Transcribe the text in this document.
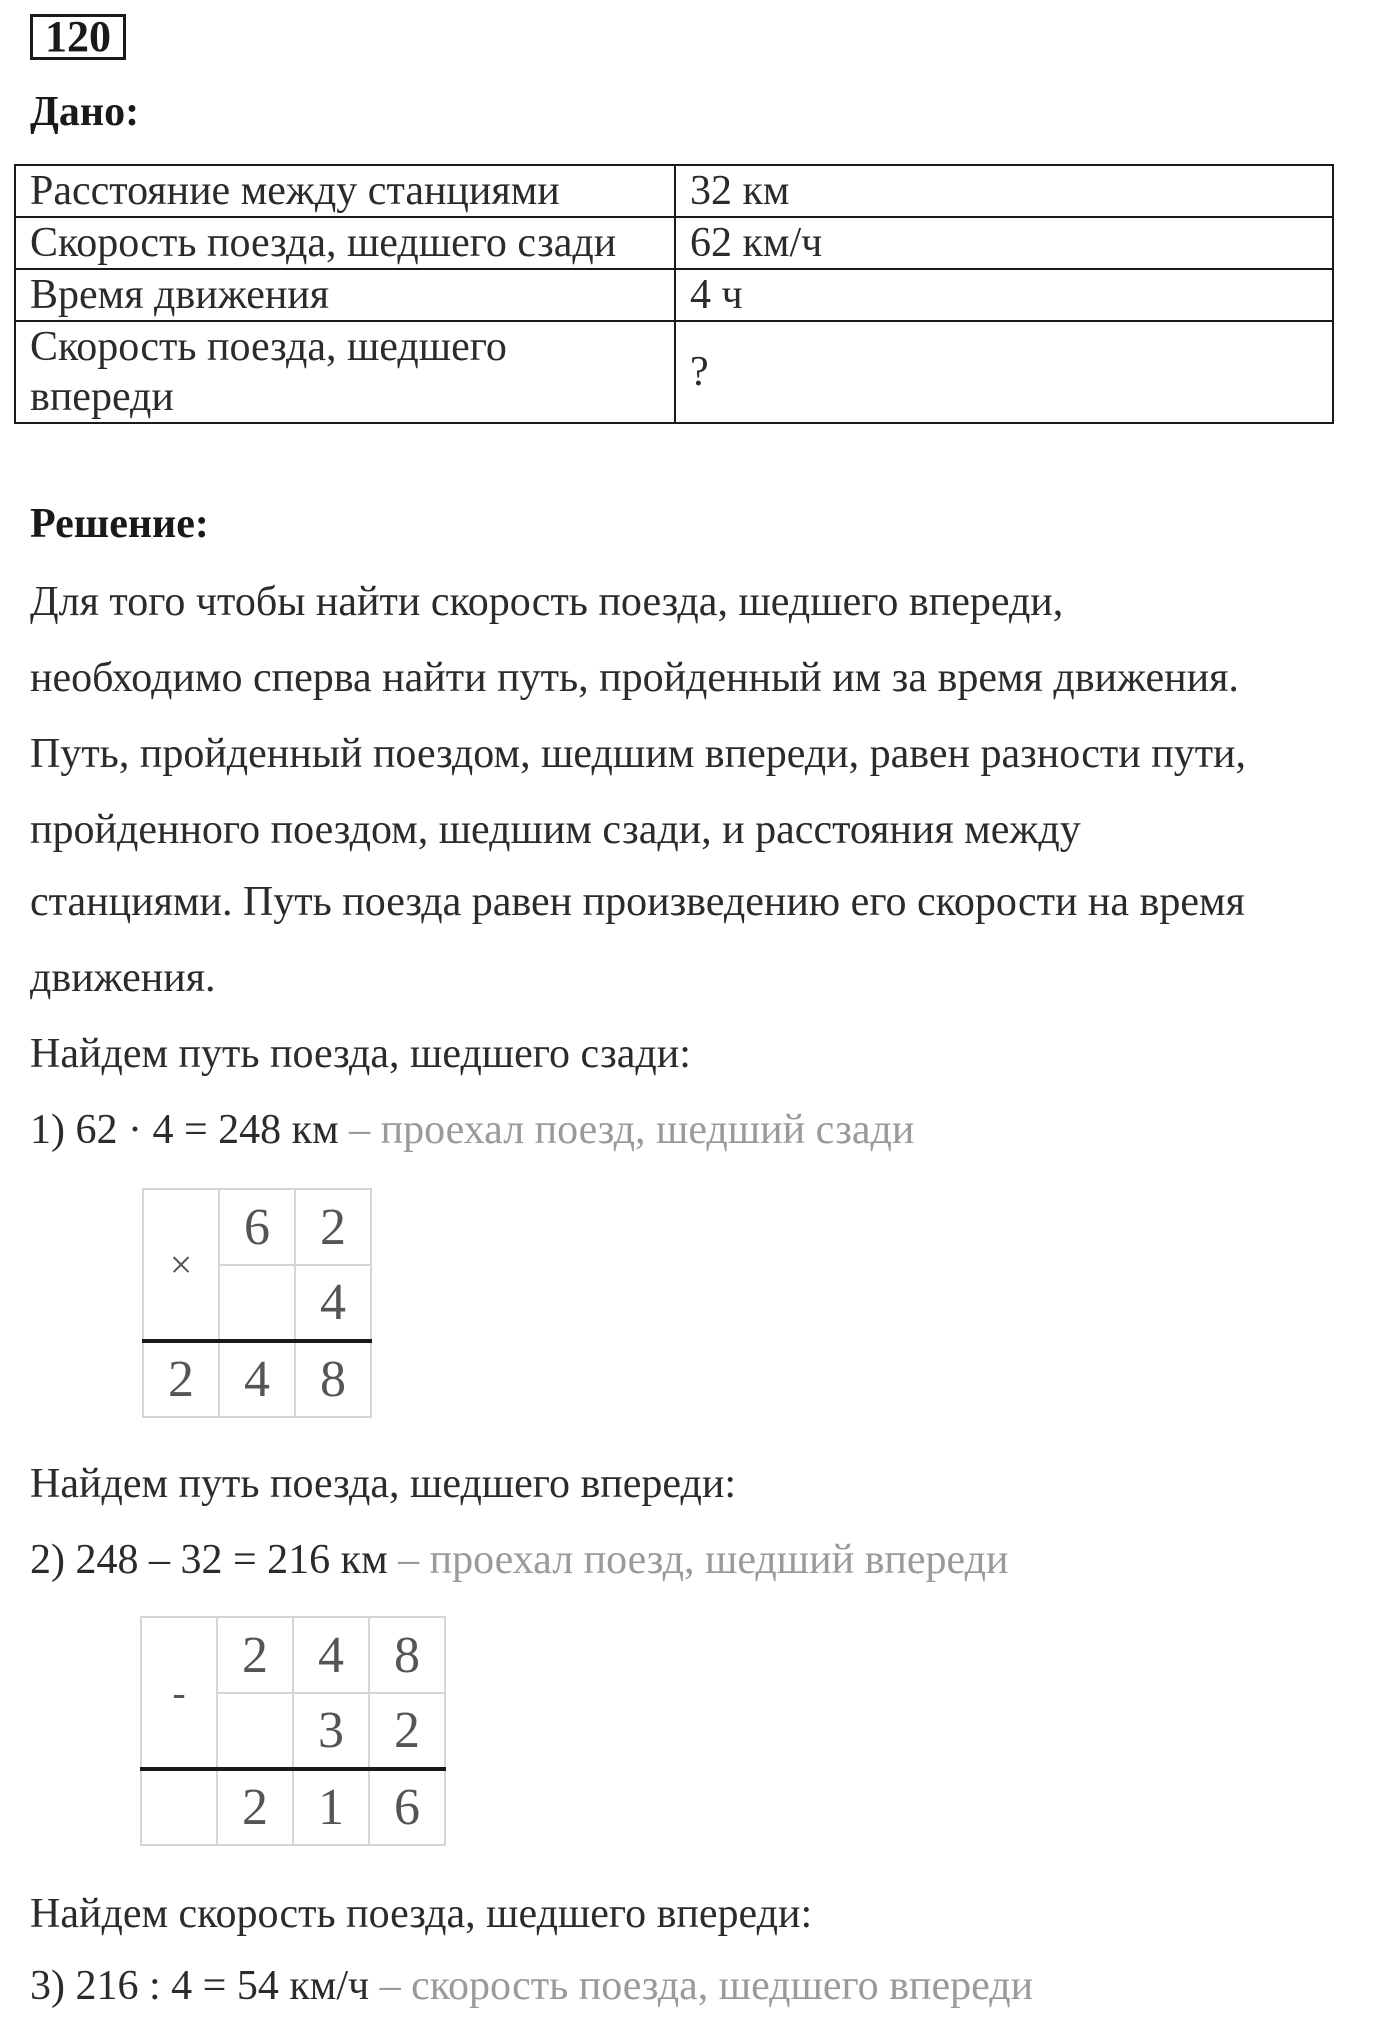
120
Дано:
Расстояние между станциями	32 км
Скорость поезда, шедшего сзади	62 км/ч
Время движения	4 ч
Скорость поезда, шедшего впереди	?
Решение:
Для того чтобы найти скорость поезда, шедшего впереди,
необходимо сперва найти путь, пройденный им за время движения.
Путь, пройденный поездом, шедшим впереди, равен разности пути,
пройденного поездом, шедшим сзади, и расстояния между
станциями. Путь поезда равен произведению его скорости на время
движения.
Найдем путь поезда, шедшего сзади:
1) 62 · 4 = 248 км – проехал поезд, шедший сзади
×	6	2
		4
2	4	8
Найдем путь поезда, шедшего впереди:
2) 248 – 32 = 216 км – проехал поезд, шедший впереди
-	2	4	8
		3	2
	2	1	6
Найдем скорость поезда, шедшего впереди:
3) 216 : 4 = 54 км/ч – скорость поезда, шедшего впереди
